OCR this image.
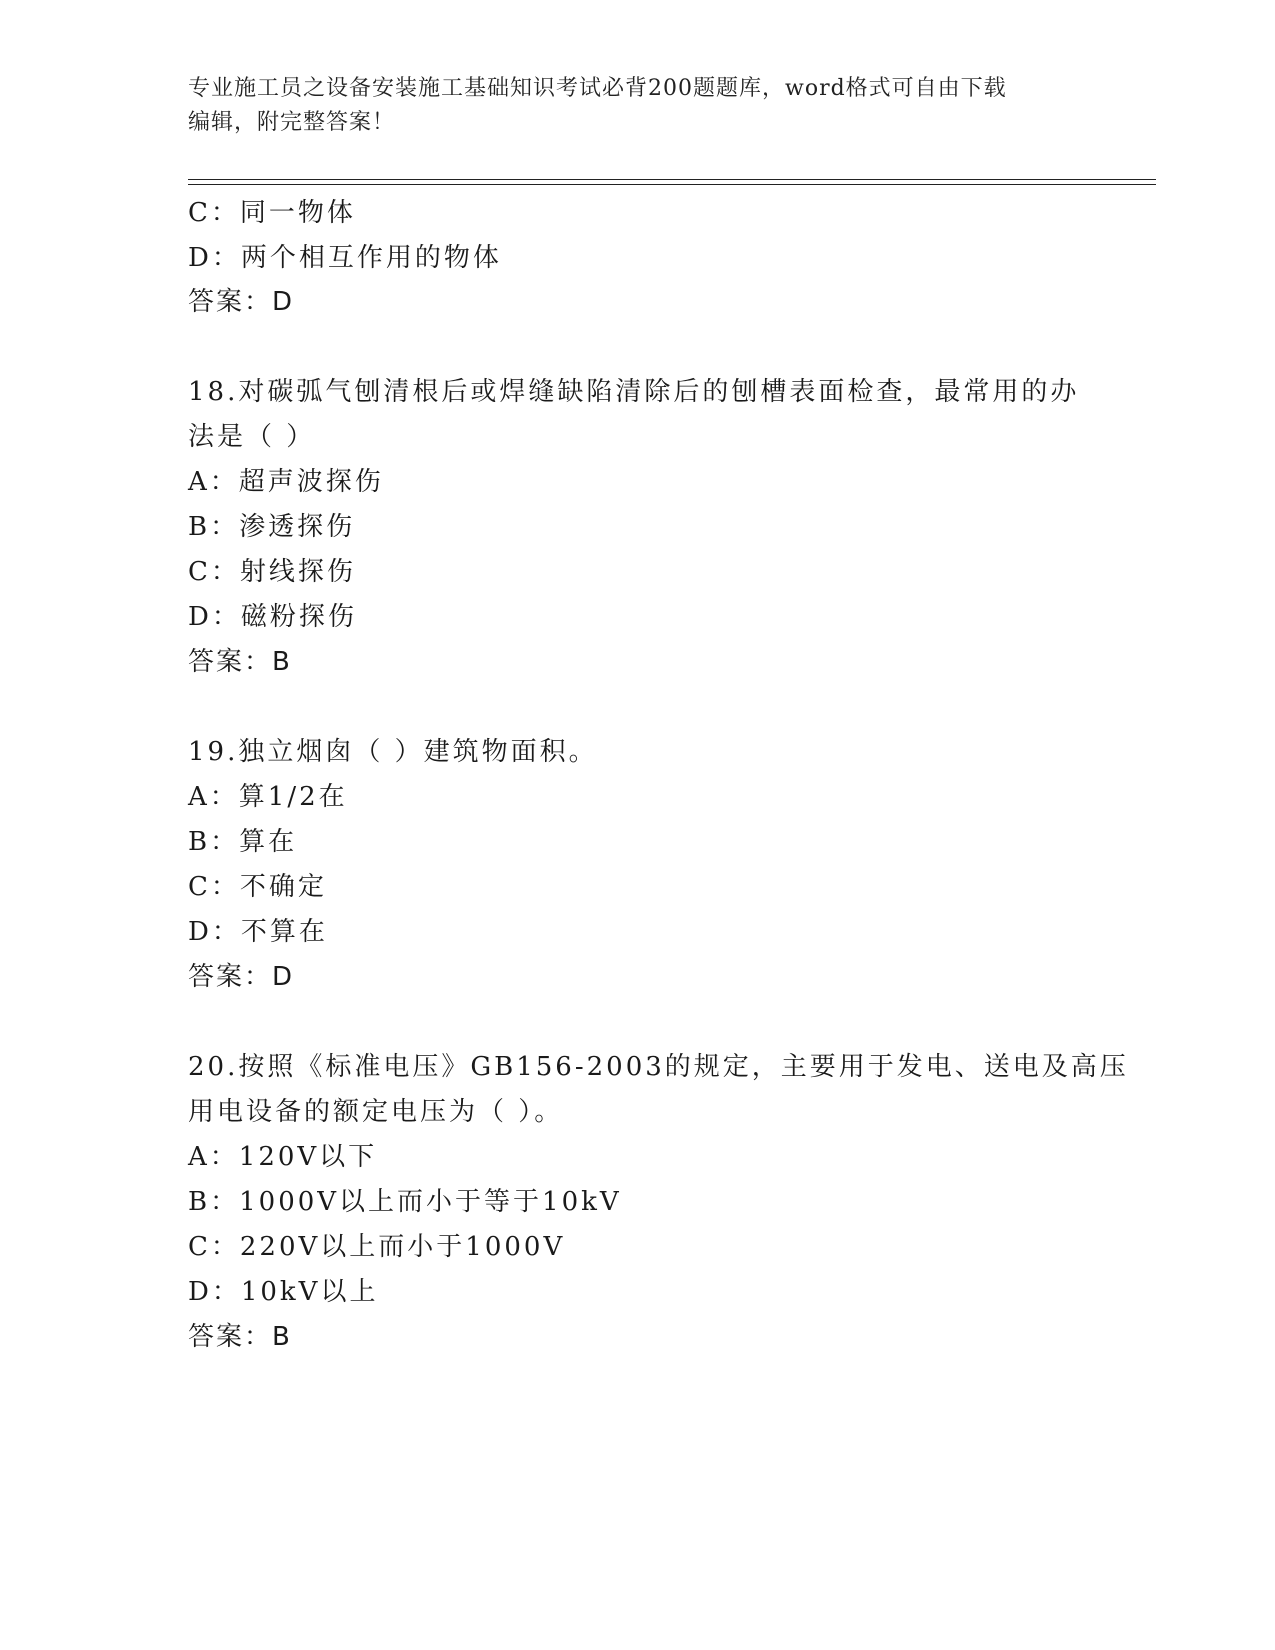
专业施工员之设备安装施工基础知识考试必背200题题库，word格式可自由下载
编辑，附完整答案！
C：同一物体
D：两个相互作用的物体
答案：D
18.对碳弧气刨清根后或焊缝缺陷清除后的刨槽表面检查，最常用的办
法是（ ）
A：超声波探伤
B：渗透探伤
C：射线探伤
D：磁粉探伤
答案：B
19.独立烟囱（ ）建筑物面积。
A：算1/2在
B：算在
C：不确定
D：不算在
答案：D
20.按照《标准电压》GB156-2003的规定，主要用于发电、送电及高压
用电设备的额定电压为（ ）。
A：120V以下
B：1000V以上而小于等于10kV
C：220V以上而小于1000V
D：10kV以上
答案：B
